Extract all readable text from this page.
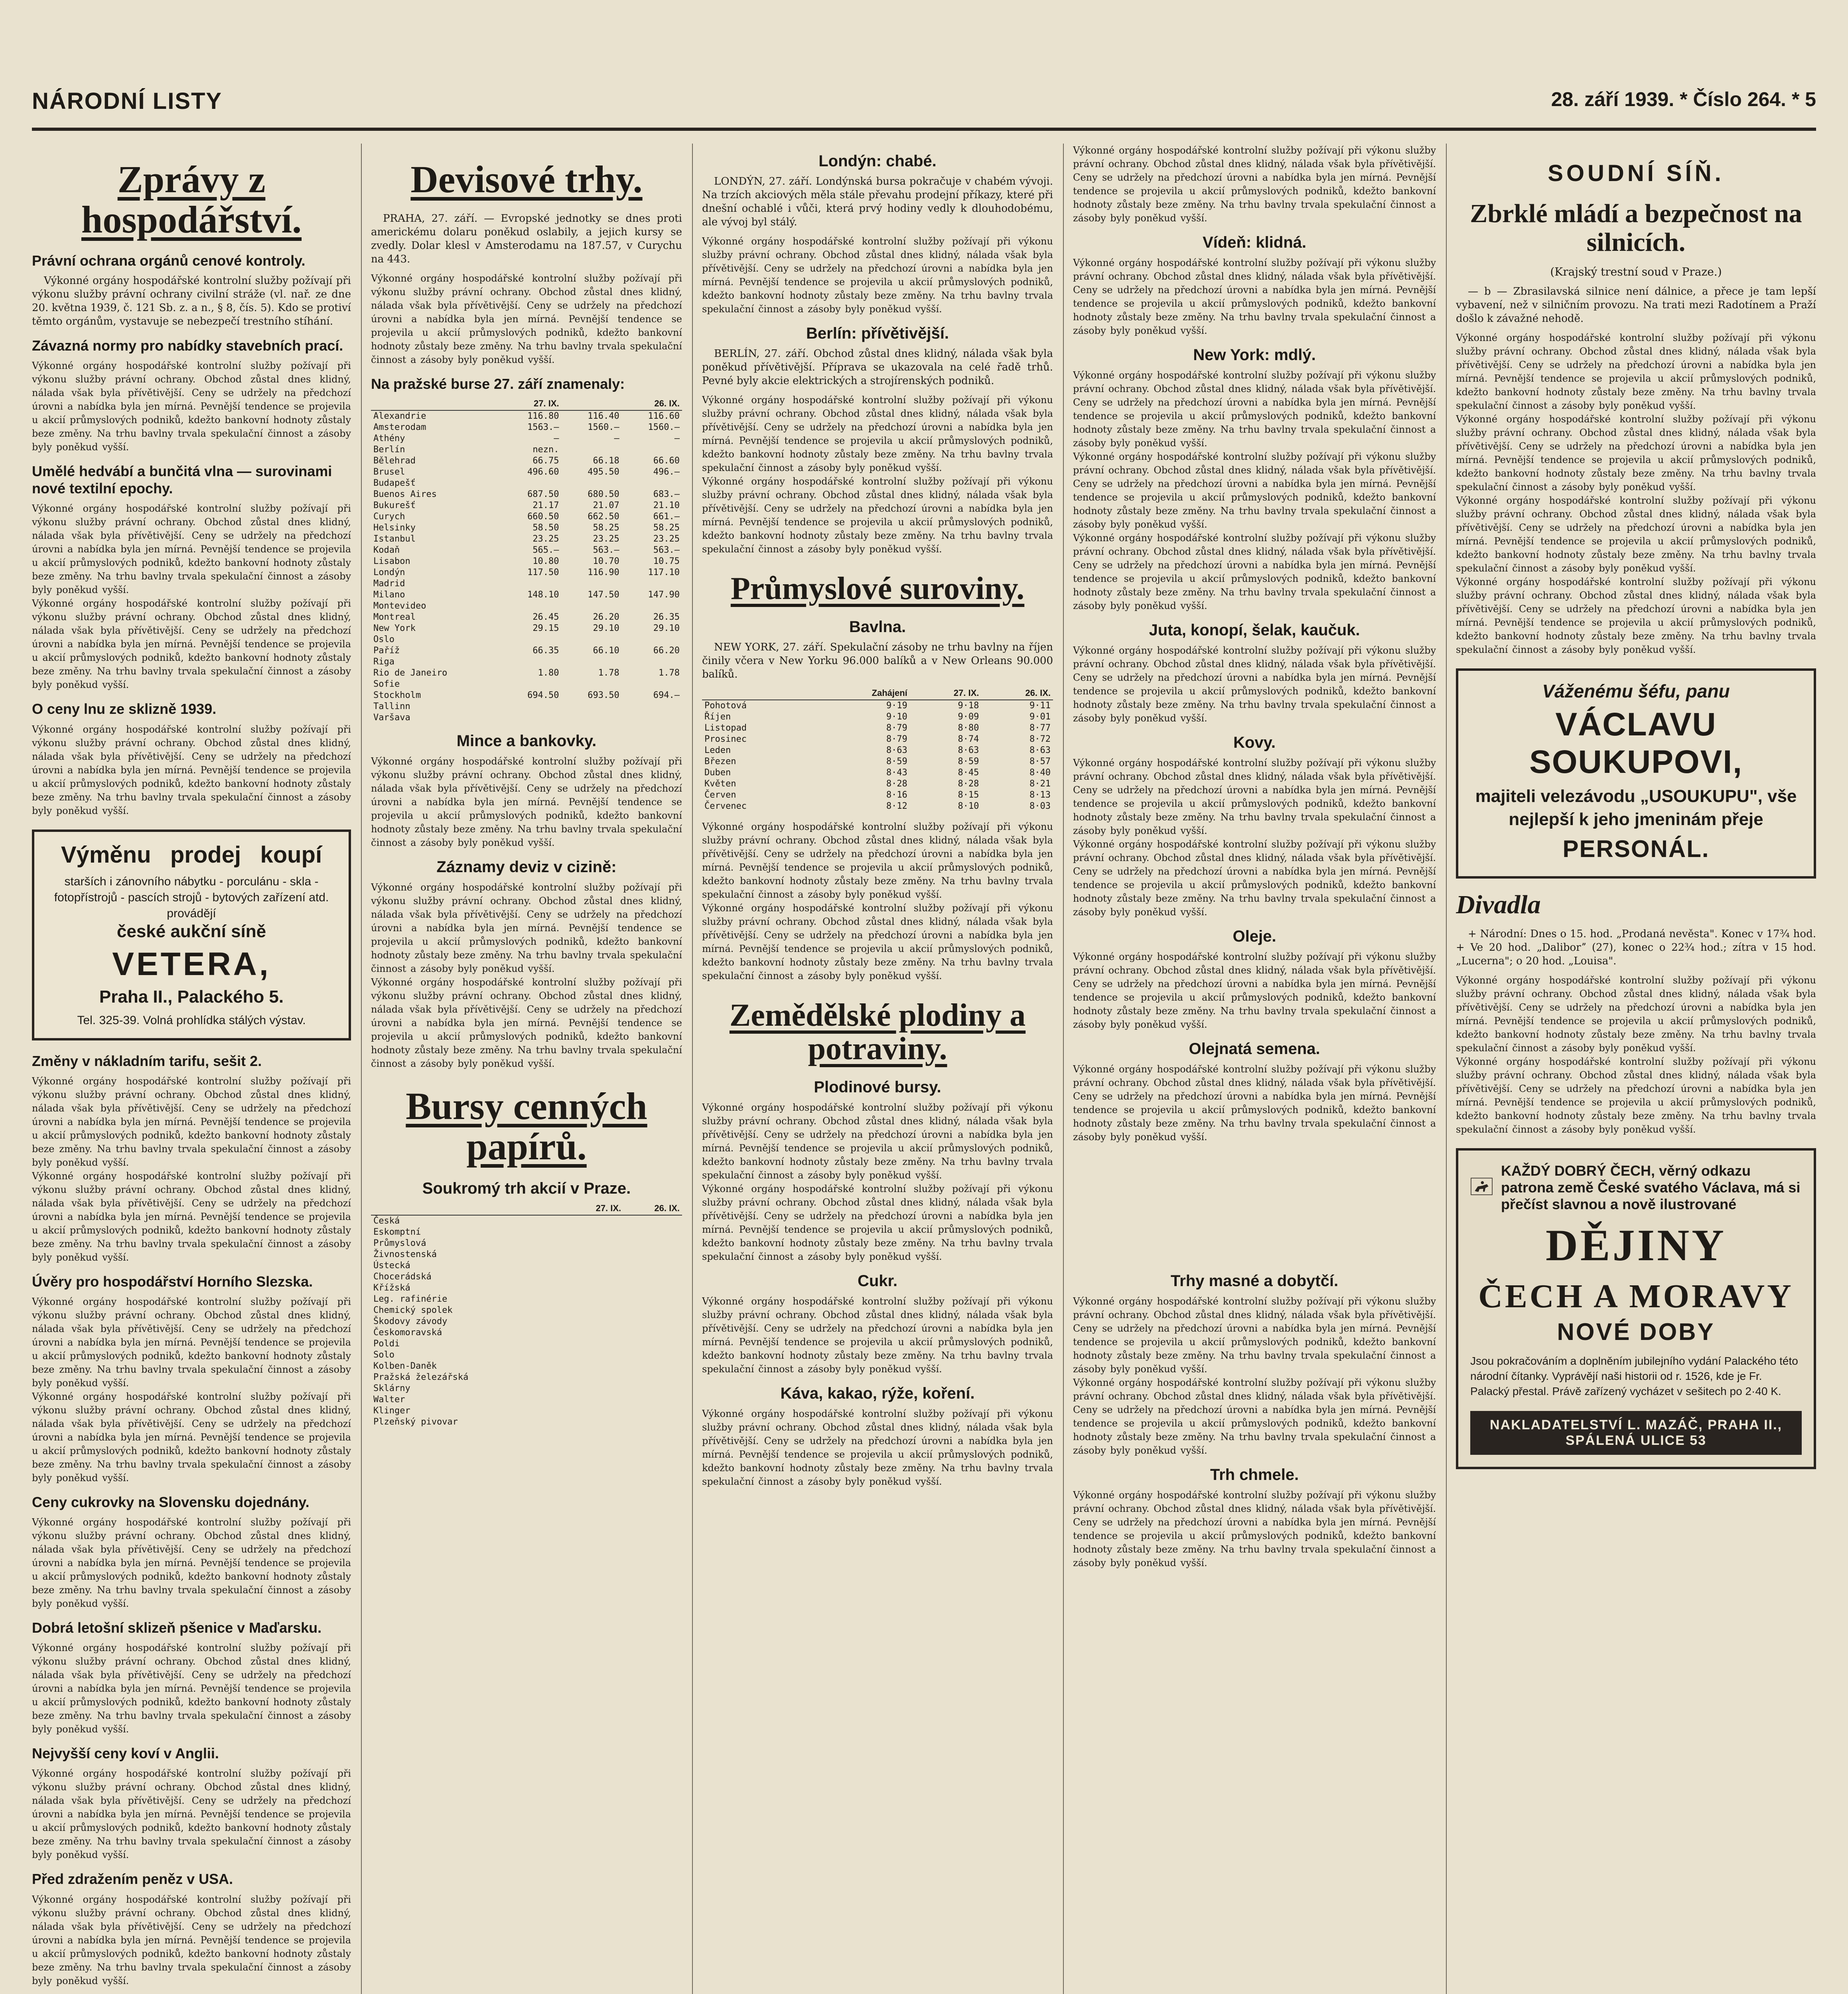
NÁRODNÍ LISTY	28. září 1939. * Číslo 264. * 5
Zprávy z hospodářství.
Právní ochrana orgánů cenové kontroly.

Výkonné orgány hospodářské kontrolní služby požívají při výkonu služby právní ochrany civilní stráže (vl. nař. ze dne 20. května 1939, č. 121 Sb. z. a n., § 8, čís. 5). Kdo se protiví těmto orgánům, vystavuje se nebezpečí trestního stíhání.

Závazná normy pro nabídky stavebních prací.
Výkonné orgány hospodářské kontrolní služby požívají při výkonu služby právní ochrany. Obchod zůstal dnes klidný, nálada však byla přívětivější. Ceny se udržely na předchozí úrovni a nabídka byla jen mírná. Pevnější tendence se projevila u akcií průmyslových podniků, kdežto bankovní hodnoty zůstaly beze změny. Na trhu bavlny trvala spekulační činnost a zásoby byly poněkud vyšší.
Umělé hedvábí a bunčitá vlna — surovinami nové textilní epochy.
Výkonné orgány hospodářské kontrolní služby požívají při výkonu služby právní ochrany. Obchod zůstal dnes klidný, nálada však byla přívětivější. Ceny se udržely na předchozí úrovni a nabídka byla jen mírná. Pevnější tendence se projevila u akcií průmyslových podniků, kdežto bankovní hodnoty zůstaly beze změny. Na trhu bavlny trvala spekulační činnost a zásoby byly poněkud vyšší.
Výkonné orgány hospodářské kontrolní služby požívají při výkonu služby právní ochrany. Obchod zůstal dnes klidný, nálada však byla přívětivější. Ceny se udržely na předchozí úrovni a nabídka byla jen mírná. Pevnější tendence se projevila u akcií průmyslových podniků, kdežto bankovní hodnoty zůstaly beze změny. Na trhu bavlny trvala spekulační činnost a zásoby byly poněkud vyšší.
O ceny lnu ze sklizně 1939.
Výkonné orgány hospodářské kontrolní služby požívají při výkonu služby právní ochrany. Obchod zůstal dnes klidný, nálada však byla přívětivější. Ceny se udržely na předchozí úrovni a nabídka byla jen mírná. Pevnější tendence se projevila u akcií průmyslových podniků, kdežto bankovní hodnoty zůstaly beze změny. Na trhu bavlny trvala spekulační činnost a zásoby byly poněkud vyšší.
Výměnu prodej koupí
starších i zánovního nábytku - porculánu - skla - fotopřístrojů - pascích strojů - bytových zařízení atd. provádějí
české aukční síně
VETERA,
Praha II., Palackého 5.
Tel. 325-39. Volná prohlídka stálých výstav.
Změny v nákladním tarifu, sešit 2.
Výkonné orgány hospodářské kontrolní služby požívají při výkonu služby právní ochrany. Obchod zůstal dnes klidný, nálada však byla přívětivější. Ceny se udržely na předchozí úrovni a nabídka byla jen mírná. Pevnější tendence se projevila u akcií průmyslových podniků, kdežto bankovní hodnoty zůstaly beze změny. Na trhu bavlny trvala spekulační činnost a zásoby byly poněkud vyšší.
Výkonné orgány hospodářské kontrolní služby požívají při výkonu služby právní ochrany. Obchod zůstal dnes klidný, nálada však byla přívětivější. Ceny se udržely na předchozí úrovni a nabídka byla jen mírná. Pevnější tendence se projevila u akcií průmyslových podniků, kdežto bankovní hodnoty zůstaly beze změny. Na trhu bavlny trvala spekulační činnost a zásoby byly poněkud vyšší.
Úvěry pro hospodářství Horního Slezska.
Výkonné orgány hospodářské kontrolní služby požívají při výkonu služby právní ochrany. Obchod zůstal dnes klidný, nálada však byla přívětivější. Ceny se udržely na předchozí úrovni a nabídka byla jen mírná. Pevnější tendence se projevila u akcií průmyslových podniků, kdežto bankovní hodnoty zůstaly beze změny. Na trhu bavlny trvala spekulační činnost a zásoby byly poněkud vyšší.
Výkonné orgány hospodářské kontrolní služby požívají při výkonu služby právní ochrany. Obchod zůstal dnes klidný, nálada však byla přívětivější. Ceny se udržely na předchozí úrovni a nabídka byla jen mírná. Pevnější tendence se projevila u akcií průmyslových podniků, kdežto bankovní hodnoty zůstaly beze změny. Na trhu bavlny trvala spekulační činnost a zásoby byly poněkud vyšší.
Ceny cukrovky na Slovensku dojednány.
Výkonné orgány hospodářské kontrolní služby požívají při výkonu služby právní ochrany. Obchod zůstal dnes klidný, nálada však byla přívětivější. Ceny se udržely na předchozí úrovni a nabídka byla jen mírná. Pevnější tendence se projevila u akcií průmyslových podniků, kdežto bankovní hodnoty zůstaly beze změny. Na trhu bavlny trvala spekulační činnost a zásoby byly poněkud vyšší.
Dobrá letošní sklizeň pšenice v Maďarsku.
Výkonné orgány hospodářské kontrolní služby požívají při výkonu služby právní ochrany. Obchod zůstal dnes klidný, nálada však byla přívětivější. Ceny se udržely na předchozí úrovni a nabídka byla jen mírná. Pevnější tendence se projevila u akcií průmyslových podniků, kdežto bankovní hodnoty zůstaly beze změny. Na trhu bavlny trvala spekulační činnost a zásoby byly poněkud vyšší.
Nejvyšší ceny koví v Anglii.
Výkonné orgány hospodářské kontrolní služby požívají při výkonu služby právní ochrany. Obchod zůstal dnes klidný, nálada však byla přívětivější. Ceny se udržely na předchozí úrovni a nabídka byla jen mírná. Pevnější tendence se projevila u akcií průmyslových podniků, kdežto bankovní hodnoty zůstaly beze změny. Na trhu bavlny trvala spekulační činnost a zásoby byly poněkud vyšší.
Před zdražením peněz v USA.
Výkonné orgány hospodářské kontrolní služby požívají při výkonu služby právní ochrany. Obchod zůstal dnes klidný, nálada však byla přívětivější. Ceny se udržely na předchozí úrovni a nabídka byla jen mírná. Pevnější tendence se projevila u akcií průmyslových podniků, kdežto bankovní hodnoty zůstaly beze změny. Na trhu bavlny trvala spekulační činnost a zásoby byly poněkud vyšší.
Devisové trhy.

PRAHA, 27. září. — Evropské jednotky se dnes proti americkému dolaru poněkud oslabily, a jejich kursy se zvedly. Dolar klesl v Amsterodamu na 187.57, v Curychu na 443.

Výkonné orgány hospodářské kontrolní služby požívají při výkonu služby právní ochrany. Obchod zůstal dnes klidný, nálada však byla přívětivější. Ceny se udržely na předchozí úrovni a nabídka byla jen mírná. Pevnější tendence se projevila u akcií průmyslových podniků, kdežto bankovní hodnoty zůstaly beze změny. Na trhu bavlny trvala spekulační činnost a zásoby byly poněkud vyšší.
Na pražské burse 27. září znamenaly:
	27. IX.		26. IX.
Alexandrie	116.80	116.40	116.60
Amsterodam	1563.—	1560.—	1560.—
Athény	—	—	—
Berlín	nezn.		
Bělehrad	66.75	66.18	66.60
Brusel	496.60	495.50	496.—
Budapešť			
Buenos Aires	687.50	680.50	683.—
Bukurešť	21.17	21.07	21.10
Curych	660.50	662.50	661.—
Helsinky	58.50	58.25	58.25
Istanbul	23.25	23.25	23.25
Kodaň	565.—	563.—	563.—
Lisabon	10.80	10.70	10.75
Londýn	117.50	116.90	117.10
Madrid			
Milano	148.10	147.50	147.90
Montevideo			
Montreal	26.45	26.20	26.35
New York	29.15	29.10	29.10
Oslo			
Paříž	66.35	66.10	66.20
Riga			
Rio de Janeiro	1.80	1.78	1.78
Sofie			
Stockholm	694.50	693.50	694.—
Tallinn			
Varšava			
Mince a bankovky.
Výkonné orgány hospodářské kontrolní služby požívají při výkonu služby právní ochrany. Obchod zůstal dnes klidný, nálada však byla přívětivější. Ceny se udržely na předchozí úrovni a nabídka byla jen mírná. Pevnější tendence se projevila u akcií průmyslových podniků, kdežto bankovní hodnoty zůstaly beze změny. Na trhu bavlny trvala spekulační činnost a zásoby byly poněkud vyšší.
Záznamy deviz v cizině:
Výkonné orgány hospodářské kontrolní služby požívají při výkonu služby právní ochrany. Obchod zůstal dnes klidný, nálada však byla přívětivější. Ceny se udržely na předchozí úrovni a nabídka byla jen mírná. Pevnější tendence se projevila u akcií průmyslových podniků, kdežto bankovní hodnoty zůstaly beze změny. Na trhu bavlny trvala spekulační činnost a zásoby byly poněkud vyšší.
Výkonné orgány hospodářské kontrolní služby požívají při výkonu služby právní ochrany. Obchod zůstal dnes klidný, nálada však byla přívětivější. Ceny se udržely na předchozí úrovni a nabídka byla jen mírná. Pevnější tendence se projevila u akcií průmyslových podniků, kdežto bankovní hodnoty zůstaly beze změny. Na trhu bavlny trvala spekulační činnost a zásoby byly poněkud vyšší.
Bursy cenných papírů.
Soukromý trh akcií v Praze.
	27. IX.	26. IX.
Česká		
Eskomptní		
Průmyslová		
Živnostenská		
Ústecká		
Chocerádská		
Křížská		
Leg. rafinérie		
Chemický spolek		
Škodovy závody		
Českomoravská		
Poldi		
Solo		
Kolben-Daněk		
Pražská železářská		
Sklárny		
Walter		
Klinger		
Plzeňský pivovar		
Londýn: chabé.

LONDÝN, 27. září. Londýnská bursa pokračuje v chabém vývoji. Na trzích akciových měla stále převahu prodejní příkazy, které při dnešní ochablé i vůči, která prvý hodiny vedly k dlouhodobému, ale vývoj byl stálý.

Výkonné orgány hospodářské kontrolní služby požívají při výkonu služby právní ochrany. Obchod zůstal dnes klidný, nálada však byla přívětivější. Ceny se udržely na předchozí úrovni a nabídka byla jen mírná. Pevnější tendence se projevila u akcií průmyslových podniků, kdežto bankovní hodnoty zůstaly beze změny. Na trhu bavlny trvala spekulační činnost a zásoby byly poněkud vyšší.
Berlín: přívětivější.

BERLÍN, 27. září. Obchod zůstal dnes klidný, nálada však byla poněkud přívětivější. Příprava se ukazovala na celé řadě trhů. Pevné byly akcie elektrických a strojírenských podniků.

Výkonné orgány hospodářské kontrolní služby požívají při výkonu služby právní ochrany. Obchod zůstal dnes klidný, nálada však byla přívětivější. Ceny se udržely na předchozí úrovni a nabídka byla jen mírná. Pevnější tendence se projevila u akcií průmyslových podniků, kdežto bankovní hodnoty zůstaly beze změny. Na trhu bavlny trvala spekulační činnost a zásoby byly poněkud vyšší.
Výkonné orgány hospodářské kontrolní služby požívají při výkonu služby právní ochrany. Obchod zůstal dnes klidný, nálada však byla přívětivější. Ceny se udržely na předchozí úrovni a nabídka byla jen mírná. Pevnější tendence se projevila u akcií průmyslových podniků, kdežto bankovní hodnoty zůstaly beze změny. Na trhu bavlny trvala spekulační činnost a zásoby byly poněkud vyšší.
Průmyslové suroviny.
Bavlna.

NEW YORK, 27. září. Spekulační zásoby ne trhu bavlny na říjen činily včera v New Yorku 96.000 balíků a v New Orleans 90.000 balíků.

	Zahájení	27. IX.	26. IX.
Pohotová	9·19	9·18	9·11
Říjen	9·10	9·09	9·01
Listopad	8·79	8·80	8·77
Prosinec	8·79	8·74	8·72
Leden	8·63	8·63	8·63
Březen	8·59	8·59	8·57
Duben	8·43	8·45	8·40
Květen	8·28	8·28	8·21
Červen	8·16	8·15	8·13
Červenec	8·12	8·10	8·03
Výkonné orgány hospodářské kontrolní služby požívají při výkonu služby právní ochrany. Obchod zůstal dnes klidný, nálada však byla přívětivější. Ceny se udržely na předchozí úrovni a nabídka byla jen mírná. Pevnější tendence se projevila u akcií průmyslových podniků, kdežto bankovní hodnoty zůstaly beze změny. Na trhu bavlny trvala spekulační činnost a zásoby byly poněkud vyšší.
Výkonné orgány hospodářské kontrolní služby požívají při výkonu služby právní ochrany. Obchod zůstal dnes klidný, nálada však byla přívětivější. Ceny se udržely na předchozí úrovni a nabídka byla jen mírná. Pevnější tendence se projevila u akcií průmyslových podniků, kdežto bankovní hodnoty zůstaly beze změny. Na trhu bavlny trvala spekulační činnost a zásoby byly poněkud vyšší.
Zemědělské plodiny a potraviny.
Plodinové bursy.
Výkonné orgány hospodářské kontrolní služby požívají při výkonu služby právní ochrany. Obchod zůstal dnes klidný, nálada však byla přívětivější. Ceny se udržely na předchozí úrovni a nabídka byla jen mírná. Pevnější tendence se projevila u akcií průmyslových podniků, kdežto bankovní hodnoty zůstaly beze změny. Na trhu bavlny trvala spekulační činnost a zásoby byly poněkud vyšší.
Výkonné orgány hospodářské kontrolní služby požívají při výkonu služby právní ochrany. Obchod zůstal dnes klidný, nálada však byla přívětivější. Ceny se udržely na předchozí úrovni a nabídka byla jen mírná. Pevnější tendence se projevila u akcií průmyslových podniků, kdežto bankovní hodnoty zůstaly beze změny. Na trhu bavlny trvala spekulační činnost a zásoby byly poněkud vyšší.
Cukr.
Výkonné orgány hospodářské kontrolní služby požívají při výkonu služby právní ochrany. Obchod zůstal dnes klidný, nálada však byla přívětivější. Ceny se udržely na předchozí úrovni a nabídka byla jen mírná. Pevnější tendence se projevila u akcií průmyslových podniků, kdežto bankovní hodnoty zůstaly beze změny. Na trhu bavlny trvala spekulační činnost a zásoby byly poněkud vyšší.
Káva, kakao, rýže, koření.
Výkonné orgány hospodářské kontrolní služby požívají při výkonu služby právní ochrany. Obchod zůstal dnes klidný, nálada však byla přívětivější. Ceny se udržely na předchozí úrovni a nabídka byla jen mírná. Pevnější tendence se projevila u akcií průmyslových podniků, kdežto bankovní hodnoty zůstaly beze změny. Na trhu bavlny trvala spekulační činnost a zásoby byly poněkud vyšší.
Výkonné orgány hospodářské kontrolní služby požívají při výkonu služby právní ochrany. Obchod zůstal dnes klidný, nálada však byla přívětivější. Ceny se udržely na předchozí úrovni a nabídka byla jen mírná. Pevnější tendence se projevila u akcií průmyslových podniků, kdežto bankovní hodnoty zůstaly beze změny. Na trhu bavlny trvala spekulační činnost a zásoby byly poněkud vyšší.
Vídeň: klidná.
Výkonné orgány hospodářské kontrolní služby požívají při výkonu služby právní ochrany. Obchod zůstal dnes klidný, nálada však byla přívětivější. Ceny se udržely na předchozí úrovni a nabídka byla jen mírná. Pevnější tendence se projevila u akcií průmyslových podniků, kdežto bankovní hodnoty zůstaly beze změny. Na trhu bavlny trvala spekulační činnost a zásoby byly poněkud vyšší.
New York: mdlý.
Výkonné orgány hospodářské kontrolní služby požívají při výkonu služby právní ochrany. Obchod zůstal dnes klidný, nálada však byla přívětivější. Ceny se udržely na předchozí úrovni a nabídka byla jen mírná. Pevnější tendence se projevila u akcií průmyslových podniků, kdežto bankovní hodnoty zůstaly beze změny. Na trhu bavlny trvala spekulační činnost a zásoby byly poněkud vyšší.
Výkonné orgány hospodářské kontrolní služby požívají při výkonu služby právní ochrany. Obchod zůstal dnes klidný, nálada však byla přívětivější. Ceny se udržely na předchozí úrovni a nabídka byla jen mírná. Pevnější tendence se projevila u akcií průmyslových podniků, kdežto bankovní hodnoty zůstaly beze změny. Na trhu bavlny trvala spekulační činnost a zásoby byly poněkud vyšší.
Výkonné orgány hospodářské kontrolní služby požívají při výkonu služby právní ochrany. Obchod zůstal dnes klidný, nálada však byla přívětivější. Ceny se udržely na předchozí úrovni a nabídka byla jen mírná. Pevnější tendence se projevila u akcií průmyslových podniků, kdežto bankovní hodnoty zůstaly beze změny. Na trhu bavlny trvala spekulační činnost a zásoby byly poněkud vyšší.
Juta, konopí, šelak, kaučuk.
Výkonné orgány hospodářské kontrolní služby požívají při výkonu služby právní ochrany. Obchod zůstal dnes klidný, nálada však byla přívětivější. Ceny se udržely na předchozí úrovni a nabídka byla jen mírná. Pevnější tendence se projevila u akcií průmyslových podniků, kdežto bankovní hodnoty zůstaly beze změny. Na trhu bavlny trvala spekulační činnost a zásoby byly poněkud vyšší.
Kovy.
Výkonné orgány hospodářské kontrolní služby požívají při výkonu služby právní ochrany. Obchod zůstal dnes klidný, nálada však byla přívětivější. Ceny se udržely na předchozí úrovni a nabídka byla jen mírná. Pevnější tendence se projevila u akcií průmyslových podniků, kdežto bankovní hodnoty zůstaly beze změny. Na trhu bavlny trvala spekulační činnost a zásoby byly poněkud vyšší.
Výkonné orgány hospodářské kontrolní služby požívají při výkonu služby právní ochrany. Obchod zůstal dnes klidný, nálada však byla přívětivější. Ceny se udržely na předchozí úrovni a nabídka byla jen mírná. Pevnější tendence se projevila u akcií průmyslových podniků, kdežto bankovní hodnoty zůstaly beze změny. Na trhu bavlny trvala spekulační činnost a zásoby byly poněkud vyšší.
Oleje.
Výkonné orgány hospodářské kontrolní služby požívají při výkonu služby právní ochrany. Obchod zůstal dnes klidný, nálada však byla přívětivější. Ceny se udržely na předchozí úrovni a nabídka byla jen mírná. Pevnější tendence se projevila u akcií průmyslových podniků, kdežto bankovní hodnoty zůstaly beze změny. Na trhu bavlny trvala spekulační činnost a zásoby byly poněkud vyšší.
Olejnatá semena.
Výkonné orgány hospodářské kontrolní služby požívají při výkonu služby právní ochrany. Obchod zůstal dnes klidný, nálada však byla přívětivější. Ceny se udržely na předchozí úrovni a nabídka byla jen mírná. Pevnější tendence se projevila u akcií průmyslových podniků, kdežto bankovní hodnoty zůstaly beze změny. Na trhu bavlny trvala spekulační činnost a zásoby byly poněkud vyšší.
Trhy masné a dobytčí.
Výkonné orgány hospodářské kontrolní služby požívají při výkonu služby právní ochrany. Obchod zůstal dnes klidný, nálada však byla přívětivější. Ceny se udržely na předchozí úrovni a nabídka byla jen mírná. Pevnější tendence se projevila u akcií průmyslových podniků, kdežto bankovní hodnoty zůstaly beze změny. Na trhu bavlny trvala spekulační činnost a zásoby byly poněkud vyšší.
Výkonné orgány hospodářské kontrolní služby požívají při výkonu služby právní ochrany. Obchod zůstal dnes klidný, nálada však byla přívětivější. Ceny se udržely na předchozí úrovni a nabídka byla jen mírná. Pevnější tendence se projevila u akcií průmyslových podniků, kdežto bankovní hodnoty zůstaly beze změny. Na trhu bavlny trvala spekulační činnost a zásoby byly poněkud vyšší.
Trh chmele.
Výkonné orgány hospodářské kontrolní služby požívají při výkonu služby právní ochrany. Obchod zůstal dnes klidný, nálada však byla přívětivější. Ceny se udržely na předchozí úrovni a nabídka byla jen mírná. Pevnější tendence se projevila u akcií průmyslových podniků, kdežto bankovní hodnoty zůstaly beze změny. Na trhu bavlny trvala spekulační činnost a zásoby byly poněkud vyšší.
SOUDNÍ SÍŇ.
Zbrklé mládí a bezpečnost na silnicích.
(Krajský trestní soud v Praze.)

— b — Zbrasilavská silnice není dálnice, a přece je tam lepší vybavení, než v silničním provozu. Na trati mezi Radotínem a Praží došlo k závažné nehodě.

Výkonné orgány hospodářské kontrolní služby požívají při výkonu služby právní ochrany. Obchod zůstal dnes klidný, nálada však byla přívětivější. Ceny se udržely na předchozí úrovni a nabídka byla jen mírná. Pevnější tendence se projevila u akcií průmyslových podniků, kdežto bankovní hodnoty zůstaly beze změny. Na trhu bavlny trvala spekulační činnost a zásoby byly poněkud vyšší.
Výkonné orgány hospodářské kontrolní služby požívají při výkonu služby právní ochrany. Obchod zůstal dnes klidný, nálada však byla přívětivější. Ceny se udržely na předchozí úrovni a nabídka byla jen mírná. Pevnější tendence se projevila u akcií průmyslových podniků, kdežto bankovní hodnoty zůstaly beze změny. Na trhu bavlny trvala spekulační činnost a zásoby byly poněkud vyšší.
Výkonné orgány hospodářské kontrolní služby požívají při výkonu služby právní ochrany. Obchod zůstal dnes klidný, nálada však byla přívětivější. Ceny se udržely na předchozí úrovni a nabídka byla jen mírná. Pevnější tendence se projevila u akcií průmyslových podniků, kdežto bankovní hodnoty zůstaly beze změny. Na trhu bavlny trvala spekulační činnost a zásoby byly poněkud vyšší.
Výkonné orgány hospodářské kontrolní služby požívají při výkonu služby právní ochrany. Obchod zůstal dnes klidný, nálada však byla přívětivější. Ceny se udržely na předchozí úrovni a nabídka byla jen mírná. Pevnější tendence se projevila u akcií průmyslových podniků, kdežto bankovní hodnoty zůstaly beze změny. Na trhu bavlny trvala spekulační činnost a zásoby byly poněkud vyšší.
Váženému šéfu, panu
VÁCLAVU SOUKUPOVI,
majiteli velezávodu „USOUKUPU", vše nejlepší k jeho jmeninám přeje
PERSONÁL.
Divadla

+ Národní: Dnes o 15. hod. „Prodaná nevěsta". Konec v 17¾ hod. + Ve 20 hod. „Daliborˮ (27), konec o 22¾ hod.; zítra v 15 hod. „Lucerna"; o 20 hod. „Louisa".

Výkonné orgány hospodářské kontrolní služby požívají při výkonu služby právní ochrany. Obchod zůstal dnes klidný, nálada však byla přívětivější. Ceny se udržely na předchozí úrovni a nabídka byla jen mírná. Pevnější tendence se projevila u akcií průmyslových podniků, kdežto bankovní hodnoty zůstaly beze změny. Na trhu bavlny trvala spekulační činnost a zásoby byly poněkud vyšší.
Výkonné orgány hospodářské kontrolní služby požívají při výkonu služby právní ochrany. Obchod zůstal dnes klidný, nálada však byla přívětivější. Ceny se udržely na předchozí úrovni a nabídka byla jen mírná. Pevnější tendence se projevila u akcií průmyslových podniků, kdežto bankovní hodnoty zůstaly beze změny. Na trhu bavlny trvala spekulační činnost a zásoby byly poněkud vyšší.
KAŽDÝ DOBRÝ ČECH, věrný odkazu patrona země České svatého Václava, má si přečíst slavnou a nově ilustrované
DĚJINY
ČECH A MORAVY
NOVÉ DOBY
Jsou pokračováním a doplněním jubilejního vydání Palackého této národní čítanky. Vyprávějí naši historii od r. 1526, kde je Fr. Palacký přestal. Právě zařízený vycházet v sešitech po 2·40 K.
NAKLADATELSTVÍ L. MAZÁČ, PRAHA II., SPÁLENÁ ULICE 53
